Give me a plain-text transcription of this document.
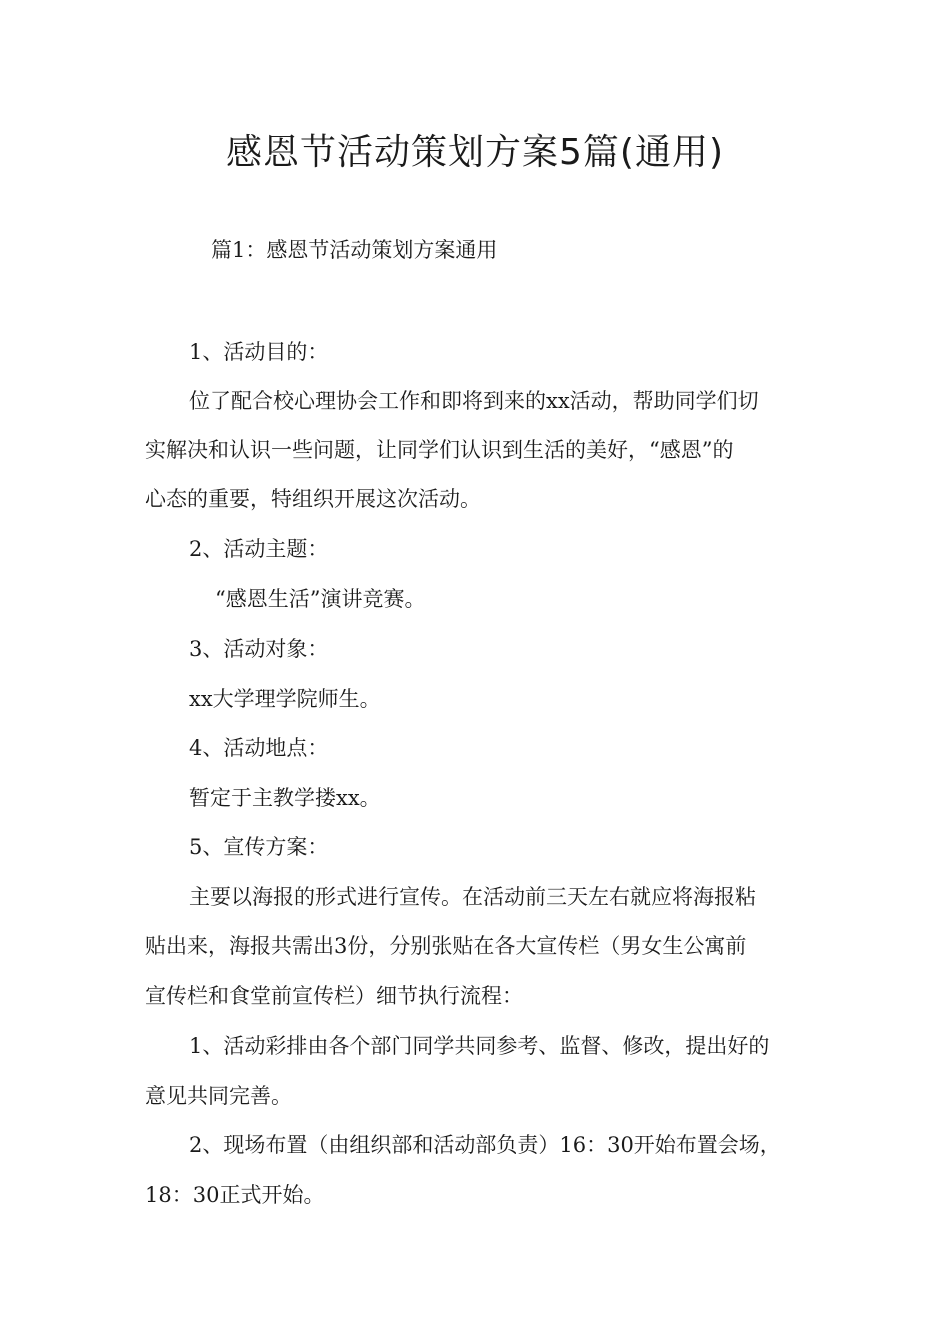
感恩节活动策划方案5篇(通用)
篇1：感恩节活动策划方案通用
1、活动目的：
位了配合校心理协会工作和即将到来的xx活动，帮助同学们切
实解决和认识一些问题，让同学们认识到生活的美好，“感恩”的
心态的重要，特组织开展这次活动。
2、活动主题：
“感恩生活”演讲竞赛。
3、活动对象：
xx大学理学院师生。
4、活动地点：
暂定于主教学搂xx。
5、宣传方案：
主要以海报的形式进行宣传。在活动前三天左右就应将海报粘
贴出来，海报共需出3份，分别张贴在各大宣传栏（男女生公寓前
宣传栏和食堂前宣传栏）细节执行流程：
1、活动彩排由各个部门同学共同参考、监督、修改，提出好的
意见共同完善。
2、现场布置（由组织部和活动部负责）16：30开始布置会场，
18：30正式开始。
